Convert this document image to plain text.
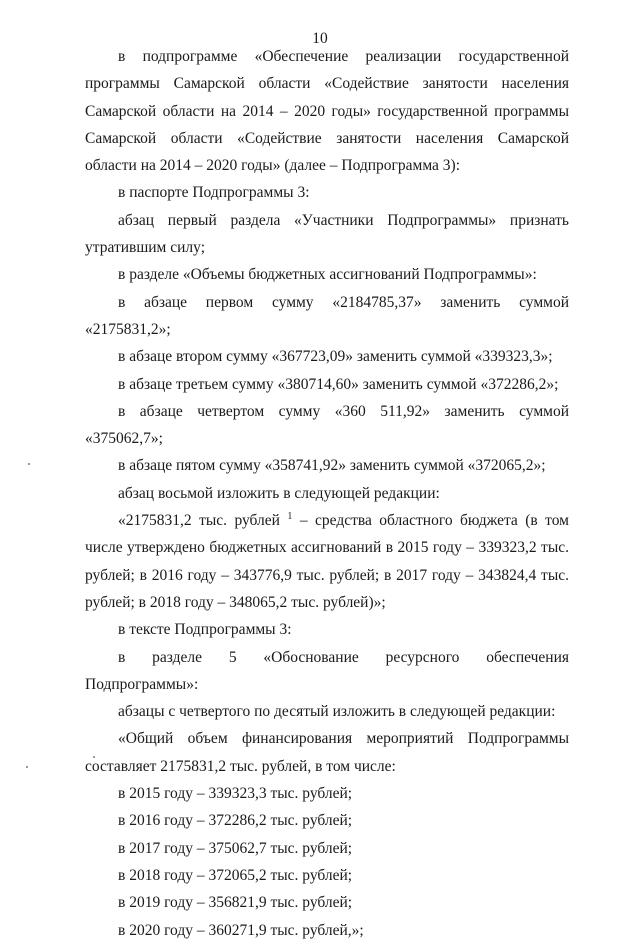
10

в подпрограмме «Обеспечение реализации государственной программы Самарской области «Содействие занятости населения Самарской области на 2014 – 2020 годы» государственной программы Самарской области «Содействие занятости населения Самарской области на 2014 – 2020 годы» (далее – Подпрограмма 3):

в паспорте Подпрограммы 3:

абзац первый раздела «Участники Подпрограммы» признать утратившим силу;

в разделе «Объемы бюджетных ассигнований Подпрограммы»:

в абзаце первом сумму «2184785,37» заменить суммой «2175831,2»;

в абзаце втором сумму «367723,09» заменить суммой «339323,3»;

в абзаце третьем сумму «380714,60» заменить суммой «372286,2»;

в абзаце четвертом сумму «360 511,92» заменить суммой «375062,7»;

в абзаце пятом сумму «358741,92» заменить суммой «372065,2»;

абзац восьмой изложить в следующей редакции:

«2175831,2 тыс. рублей $^1$ – средства областного бюджета (в том числе утверждено бюджетных ассигнований в 2015 году – 339323,2 тыс. рублей; в 2016 году – 343776,9 тыс. рублей; в 2017 году – 343824,4 тыс. рублей; в 2018 году – 348065,2 тыс. рублей)»;

в тексте Подпрограммы 3:

в разделе 5 «Обоснование ресурсного обеспечения Подпрограммы»:

абзацы с четвертого по десятый изложить в следующей редакции:

«Общий объем финансирования мероприятий Подпрограммы составляет 2175831,2 тыс. рублей, в том числе:

в 2015 году – 339323,3 тыс. рублей;

в 2016 году – 372286,2 тыс. рублей;

в 2017 году – 375062,7 тыс. рублей;

в 2018 году – 372065,2 тыс. рублей;

в 2019 году – 356821,9 тыс. рублей;

в 2020 году – 360271,9 тыс. рублей,»;
